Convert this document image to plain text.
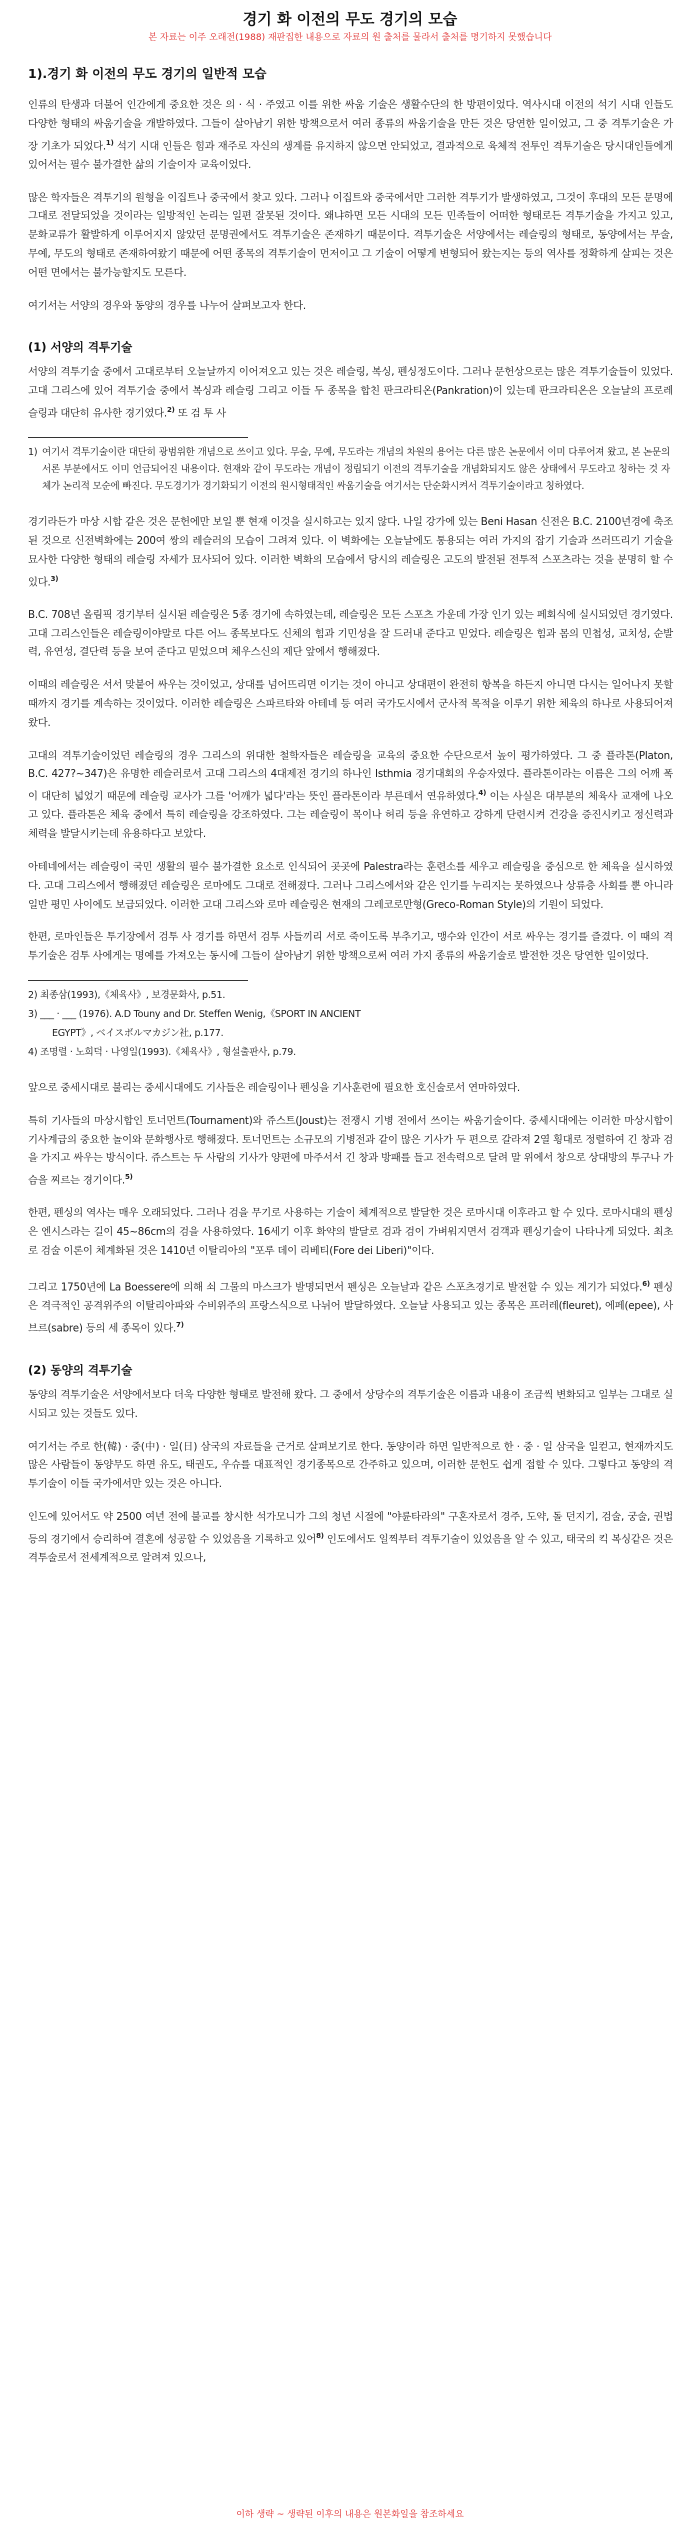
경기 화 이전의 무도 경기의 모습
본 자료는 이주 오래전(1988) 재판집한 내용으로 자료의 원 출처를 물라서 출처를 명기하지 못했습니다
1).경기 화 이전의 무도 경기의 일반적 모습

인류의 탄생과 더불어 인간에게 중요한 것은 의 · 식 · 주였고 이를 위한 싸움 기술은 생활수단의 한 방편이었다. 역사시대 이전의 석기 시대 인들도 다양한 형태의 싸움기술을 개발하였다. 그들이 살아남기 위한 방책으로서 여러 종류의 싸움기술을 만든 것은 당연한 일이었고, 그 중 격투기술은 가장 기초가 되었다.$^{1)}$ 석기 시대 인들은 힘과 재주로 자신의 생계를 유지하지 않으면 안되었고, 결과적으로 육체적 전투인 격투기술은 당시대인들에게 있어서는 필수 불가결한 삶의 기술이자 교육이었다.

많은 학자들은 격투기의 원형을 이집트나 중국에서 찾고 있다. 그러나 이집트와 중국에서만 그러한 격투기가 발생하였고, 그것이 후대의 모든 문명에 그대로 전달되었을 것이라는 일방적인 논리는 일편 잘못된 것이다. 왜냐하면 모든 시대의 모든 민족들이 어떠한 형태로든 격투기술을 가지고 있고, 문화교류가 활발하게 이루어지지 않았던 문명권에서도 격투기술은 존재하기 때문이다. 격투기술은 서양에서는 레슬링의 형태로, 동양에서는 무술, 무예, 무도의 형태로 존재하여왔기 때문에 어떤 종목의 격투기술이 먼저이고 그 기술이 어떻게 변형되어 왔는지는 등의 역사를 정확하게 살피는 것은 어떤 면에서는 불가능할지도 모른다.

여기서는 서양의 경우와 동양의 경우를 나누어 살펴보고자 한다.

(1) 서양의 격투기술

서양의 격투기술 중에서 고대로부터 오늘날까지 이어져오고 있는 것은 레슬링, 복싱, 펜싱정도이다. 그러나 문헌상으로는 많은 격투기술들이 있었다. 고대 그리스에 있어 격투기술 중에서 복싱과 레슬링 그리고 이들 두 종목을 합친 판크라티온(Pankration)이 있는데 판크라티온은 오늘날의 프로레슬링과 대단히 유사한 경기였다.$^{2)}$ 또 검 투 사

1) 여기서 격투기술이란 대단히 광범위한 개념으로 쓰이고 있다. 무술, 무예, 무도라는 개념의 차원의 용어는 다른 많은 논문에서 이미 다루어져 왔고, 본 논문의 서론 부분에서도 이미 언급되어진 내용이다. 현재와 같이 무도라는 개념이 정립되기 이전의 격투기술을 개념화되지도 않은 상태에서 무도라고 칭하는 것 자체가 논리적 모순에 빠진다. 무도경기가 경기화되기 이전의 원시형태적인 싸움기술을 여기서는 단순화시켜서 격투기술이라고 칭하였다.

경기라든가 마상 시합 같은 것은 문헌에만 보일 뿐 현재 이것을 실시하고는 있지 않다. 나일 강가에 있는 Beni Hasan 신전은 B.C. 2100년경에 축조된 것으로 신전벽화에는 200여 쌍의 레슬러의 모습이 그려져 있다. 이 벽화에는 오늘날에도 통용되는 여러 가지의 잡기 기술과 쓰러뜨리기 기술을 묘사한 다양한 형태의 레슬링 자세가 묘사되어 있다. 이러한 벽화의 모습에서 당시의 레슬링은 고도의 발전된 전투적 스포츠라는 것을 분명히 할 수 있다.$^{3)}$

B.C. 708년 올림픽 경기부터 실시된 레슬링은 5종 경기에 속하였는데, 레슬링은 모든 스포츠 가운데 가장 인기 있는 페회식에 실시되었던 경기였다. 고대 그리스인들은 레슬링이야말로 다른 어느 종목보다도 신체의 힘과 기민성을 잘 드러내 준다고 믿었다. 레슬링은 힘과 몸의 민첩성, 교치성, 순발력, 유연성, 결단력 등을 보여 준다고 믿었으며 체우스신의 제단 앞에서 행해졌다.

이때의 레슬링은 서서 맞붙어 싸우는 것이었고, 상대를 넘어뜨리면 이기는 것이 아니고 상대편이 완전히 항복을 하든지 아니면 다시는 일어나지 못할 때까지 경기를 계속하는 것이었다. 이러한 레슬링은 스파르타와 아테네 등 여러 국가도시에서 군사적 목적을 이루기 위한 체육의 하나로 사용되어져 왔다.

고대의 격투기술이었던 레슬링의 경우 그리스의 위대한 철학자들은 레슬링을 교육의 중요한 수단으로서 높이 평가하였다. 그 중 플라톤(Platon, B.C. 427?~347)은 유명한 레슬러로서 고대 그리스의 4대제전 경기의 하나인 Isthmia 경기대회의 우승자였다. 플라톤이라는 이름은 그의 어깨 폭이 대단히 넓었기 때문에 레슬링 교사가 그를 '어깨가 넓다'라는 뜻인 플라톤이라 부른데서 연유하였다.$^{4)}$ 이는 사실은 대부분의 체육사 교재에 나오고 있다. 플라톤은 체육 중에서 특히 레슬링을 강조하였다. 그는 레슬링이 목이나 허리 등을 유연하고 강하게 단련시켜 건강을 증진시키고 정신력과 체력을 발달시키는데 유용하다고 보았다.

아테네에서는 레슬링이 국민 생활의 필수 불가결한 요소로 인식되어 곳곳에 Palestra라는 훈련소를 세우고 레슬링을 중심으로 한 체육을 실시하였다. 고대 그리스에서 행해졌던 레슬링은 로마에도 그대로 전해졌다. 그러나 그리스에서와 같은 인기를 누리지는 못하였으나 상류층 사회를 뿐 아니라 일반 평민 사이에도 보급되었다. 이러한 고대 그리스와 로마 레슬링은 현재의 그레코로만형(Greco-Roman Style)의 기원이 되었다.

한편, 로마인들은 투기장에서 검투 사 경기를 하면서 검투 사들끼리 서로 죽이도록 부추기고, 맹수와 인간이 서로 싸우는 경기를 즐겼다. 이 때의 격투기술은 검투 사에게는 명예를 가져오는 동시에 그들이 살아남기 위한 방책으로써 여러 가지 종류의 싸움기술로 발전한 것은 당연한 일이었다.

2) 최종삼(1993),《체육사》, 보경문화사, p.51.
3) ___ · ___ (1976). A.D Touny and Dr. Steffen Wenig,《SPORT IN ANCIENT
EGYPT》, ベイスボルマカジン社, p.177.
4) 조명렬 · 노희덕 · 나영일(1993).《체육사》, 형설출판사, p.79.

앞으로 중세시대로 불리는 중세시대에도 기사들은 레슬링이나 펜싱을 기사훈련에 필요한 호신술로서 연마하였다.

특히 기사들의 마상시합인 토너먼트(Tournament)와 쥬스트(Joust)는 전쟁시 기병 전에서 쓰이는 싸움기술이다. 중세시대에는 이러한 마상시합이 기사계급의 중요한 놀이와 문화행사로 행해졌다. 토너먼트는 소규모의 기병전과 같이 많은 기사가 두 편으로 갈라져 2열 횡대로 정렬하여 긴 창과 검을 가지고 싸우는 방식이다. 쥬스트는 두 사람의 기사가 양편에 마주서서 긴 창과 방패를 들고 전속력으로 달려 말 위에서 창으로 상대방의 투구나 가슴을 찌르는 경기이다.$^{5)}$

한편, 펜싱의 역사는 매우 오래되었다. 그러나 검을 무기로 사용하는 기술이 체계적으로 발달한 것은 로마시대 이후라고 할 수 있다. 로마시대의 펜싱은 엔시스라는 길이 45~86cm의 검을 사용하였다. 16세기 이후 화약의 발달로 검과 검이 가벼워지면서 검객과 펜싱기술이 나타나게 되었다. 최초로 검술 이론이 체계화된 것은 1410년 이탈리아의 "포루 데이 리베티(Fore dei Liberi)"이다.

그리고 1750년에 La Boessere에 의해 쇠 그물의 마스크가 발명되면서 펜싱은 오늘날과 같은 스포츠경기로 발전할 수 있는 계기가 되었다.$^{6)}$ 펜싱은 격극적인 공격위주의 이탈리아파와 수비위주의 프랑스식으로 나뉘어 발달하였다. 오늘날 사용되고 있는 종목은 프러레(fleuret), 에페(epee), 사브르(sabre) 등의 세 종목이 있다.$^{7)}$

(2) 동양의 격투기술

동양의 격투기술은 서양에서보다 더욱 다양한 형태로 발전해 왔다. 그 중에서 상당수의 격투기술은 이름과 내용이 조금씩 변화되고 일부는 그대로 실시되고 있는 것들도 있다.

여기서는 주로 한(韓) · 중(中) · 일(日) 삼국의 자료들을 근거로 살펴보기로 한다. 동양이라 하면 일반적으로 한 · 중 · 일 삼국을 일컫고, 현재까지도 많은 사람들이 동양무도 하면 유도, 태권도, 우슈를 대표적인 경기종목으로 간주하고 있으며, 이러한 문헌도 쉽게 접할 수 있다. 그렇다고 동양의 격투기술이 이들 국가에서만 있는 것은 아니다.

인도에 있어서도 약 2500 여년 전에 불교를 창시한 석가모니가 그의 청년 시절에 "야륜타라의" 구혼자로서 경주, 도약, 돌 던지기, 검술, 궁술, 권법 등의 경기에서 승리하여 결혼에 성공할 수 있었음을 기록하고 있어$^{8)}$ 인도에서도 일찍부터 격투기술이 있었음을 알 수 있고, 태국의 킥 복싱같은 것은 격투술로서 전세계적으로 알려져 있으나,

이하 생략 ~ 생략된 이후의 내용은 원본화일을 참조하세요
